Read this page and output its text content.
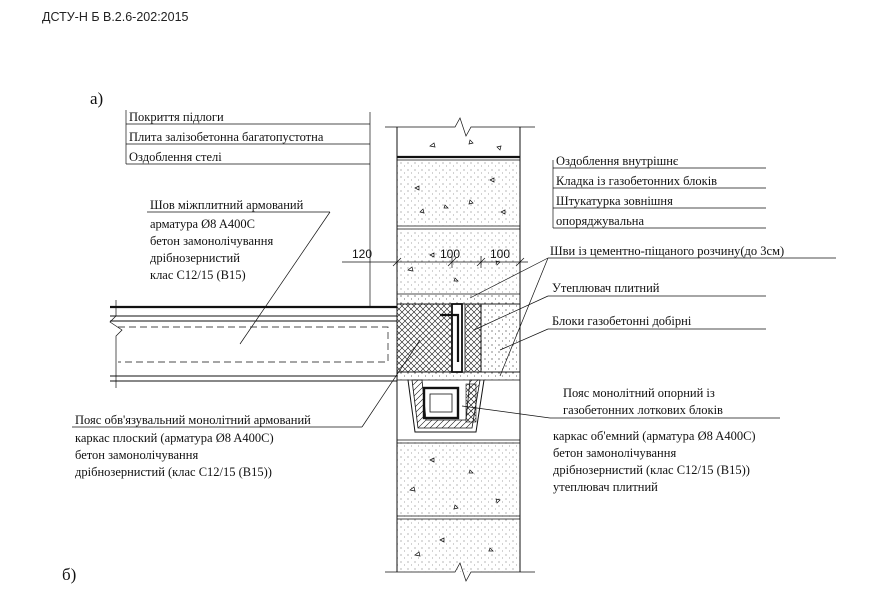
ДСТУ-Н Б В.2.6-202:2015
а)
б)
Покриття підлоги
Плита залізобетонна багатопустотна
Оздоблення стелі	Оздоблення внутрішнє
Кладка із газобетонних блоків
Штукатурка зовнішня
опоряджувальна
Шов міжплитний армований
арматура Ø8 A400C
бетон замонолічування
дрібнозернистий
клас С12/15 (В15)
120	100 100	Шви із цементно-піщаного розчину(до 3см)
Утеплювач плитний
Блоки газобетонні добірні
Пояс обв'язувальний монолітний армований
каркас плоский (арматура Ø8 A400C)
бетон замонолічування
дрібнозернистий (клас С12/15 (В15))
Пояс монолітний опорний із
газобетонних лоткових блоків
каркас об'емний (арматура Ø8 A400C)
бетон замонолічування
дрібнозернистий (клас С12/15 (В15))
утеплювач плитний
